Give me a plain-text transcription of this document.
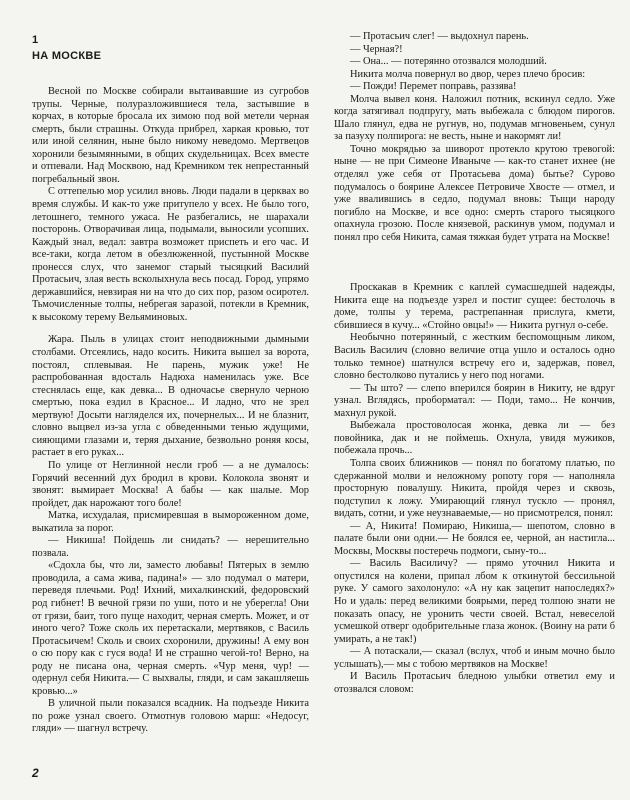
1
НА МОСКВЕ

Весной по Москве собирали вытаивавшие из сугробов трупы. Черные, полуразложившиеся тела, застывшие в корчах, в которые бросала их зимою под вой метели черная смерть, были страшны. Откуда прибрел, харкая кровью, тот или иной селянин, ныне было никому неведомо. Мертвецов хоронили безымянными, в общих скудельницах. Всех вместе и отпевали. Над Москвою, над Кремником тек непрестанный погребальный звон.

С оттепелью мор усилил вновь. Люди падали в церквах во время службы. И как-то уже притупело у всех. Не было того, летошнего, темного ужаса. Не разбегались, не шарахали посторонь. Отворачивая лица, подымали, выносили усопших. Каждый знал, ведал: завтра возможет приспеть и его час. И все-таки, когда летом в обезлюженной, пустынной Москве пронесся слух, что занемог старый тысяцкий Василий Протасьич, злая весть всколыхнула весь посад. Город, упрямо державшийся, невзирая ни на что до сих пор, разом осиротел. Тьмочисленные толпы, небрегая заразой, потекли в Кремник, к высокому терему Вельяминовых.

Жара. Пыль в улицах стоит неподвижными дымными столбами. Отсеялись, надо косить. Никита вышел за ворота, постоял, сплевывая. Не парень, мужик уже! Не распробованная вдосталь Надюха наменилась уже. Все стеснялась еще, как девка... В одночасье свернуло черною смертью, пока ездил в Красное... И ладно, что не зрел мертвую! Досыти нагляделся их, почернелых... И не блазнит, словно выцвел из-за угла с обведенными тенью ждущими, сияющими глазами и, теряя дыхание, безвольно роняя косы, растает в его руках...

По улице от Неглинной несли гроб — а не думалось: Горячий весенний дух бродил в крови. Колокола звонят и звонят: вымирает Москва! А бабы — как шалые. Мор пройдет, дак нарожают того боле!

Матка, исхудалая, присмиревшая в вымороженном доме, выкатила за порог.

— Никиша! Пойдешь ли снидать? — нерешительно позвала.

«Сдохла бы, что ли, заместо любавы! Пятерых в землю проводила, а сама жива, падина!» — зло подумал о матери, переведя плечьми. Род! Ихний, михалкинский, федоровский род гибнет! В вечной грязи по уши, пото и не уберегла! Они от грязи, баит, того пуще находит, черная смерть. Может, и от иного чего? Тоже сколь их перетаскали, мертвяков, с Василь Протасьичем! Сколь и своих схоронили, дружины! А ему вон о сю пору как с гуся вода! И не страшно чегой-то! Верно, на роду не писана она, черная смерть. «Чур меня, чур! — одернул себя Никита.— С выхвалы, гляди, и сам закашляешь кровью...»

В уличной пыли показался всадник. На подъезде Никита по роже узнал своего. Отмотнув головою марш: «Недосуг, гляди» — шагнул встречу.

— Протасьич слег! — выдохнул парень.

— Черная?!

— Она... — потерянно отозвался молодший.

Никита молча повернул во двор, через плечо бросив:

— Пожди! Перемет поправь, раззява!

Молча вывел коня. Наложил потник, вскинул седло. Уже когда затягивал подпругу, мать выбежала с блюдом пирогов. Шало глянул, едва не ругнув, но, подумав мгновеньем, сунул за пазуху полпирога: не весть, ныне и накормят ли!

Точно мокрядью за шиворот протекло крутою тревогой: ныне — не при Симеоне Иваныче — как-то станет ихнее (не отделял уже себя от Протасьева дома) бытье? Сурово подумалось о боярине Алексее Петровиче Хвосте — отмел, и уже ввалившись в седло, подумал вновь: Тыщи народу погибло на Москве, и все одно: смерть старого тысяцкого опахнула грозою. После князевой, раскинув умом, подумал и понял про себя Никита, самая тяжкая будет утрата на Москве!

Проскакав в Кремник с каплей сумасшедшей надежды, Никита еще на подъезде узрел и постиг сущее: бестолочь в доме, толпы у терема, растрепанная прислуга, кмети, сбившиеся в кучу... «Стойно овцы!» — Никита ругнул о-себе.

Необычно потерянный, с жестким беспомощным ликом, Василь Василич (словно величие отца ушло и осталось одно только темное) шатнулся встречу его и, задержав, повел, словно бестолково путались у него под ногами.

— Ты што? — слепо вперился боярин в Никиту, не вдруг узнал. Вглядясь, проборматал: — Поди, тамо... Не кончив, махнул рукой.

Выбежала простоволосая жонка, девка ли — без повойника, дак и не поймешь. Охнула, увидя мужиков, побежала прочь...

Толпа своих ближников — понял по богатому платью, по сдержанной молви и неложному ропоту горя — наполняла просторную повалушу. Никита, пройдя через и сквозь, подступил к ложу. Умирающий глянул тускло — пронял, видать, сотни, и уже неузнаваемые,— но присмотрелся, понял:

— А, Никита! Помираю, Никиша,— шепотом, словно в палате были они одни.— Не боялся ее, черной, ан настигла... Москвы, Москвы постеречь подмоги, сыну-то...

— Василь Василичу? — прямо уточнил Никита и опустился на колени, припал лбом к откинутой бессильной руке. У самого захолонуло: «А ну как зацепит напоследях?» Но и удаль: перед великими боярыми, перед толпою знати не показать опасу, не уронить чести своей. Встал, невеселой усмешкой отверг одобрительные глаза жонок. (Воину на рати б умирать, а не так!)

— А потаскали,— сказал (вслух, чтоб и иным мочно было услышать),— мы с тобою мертвяков на Москве!

И Василь Протасьич бледною улыбки ответил ему и отозвался словом:

2
